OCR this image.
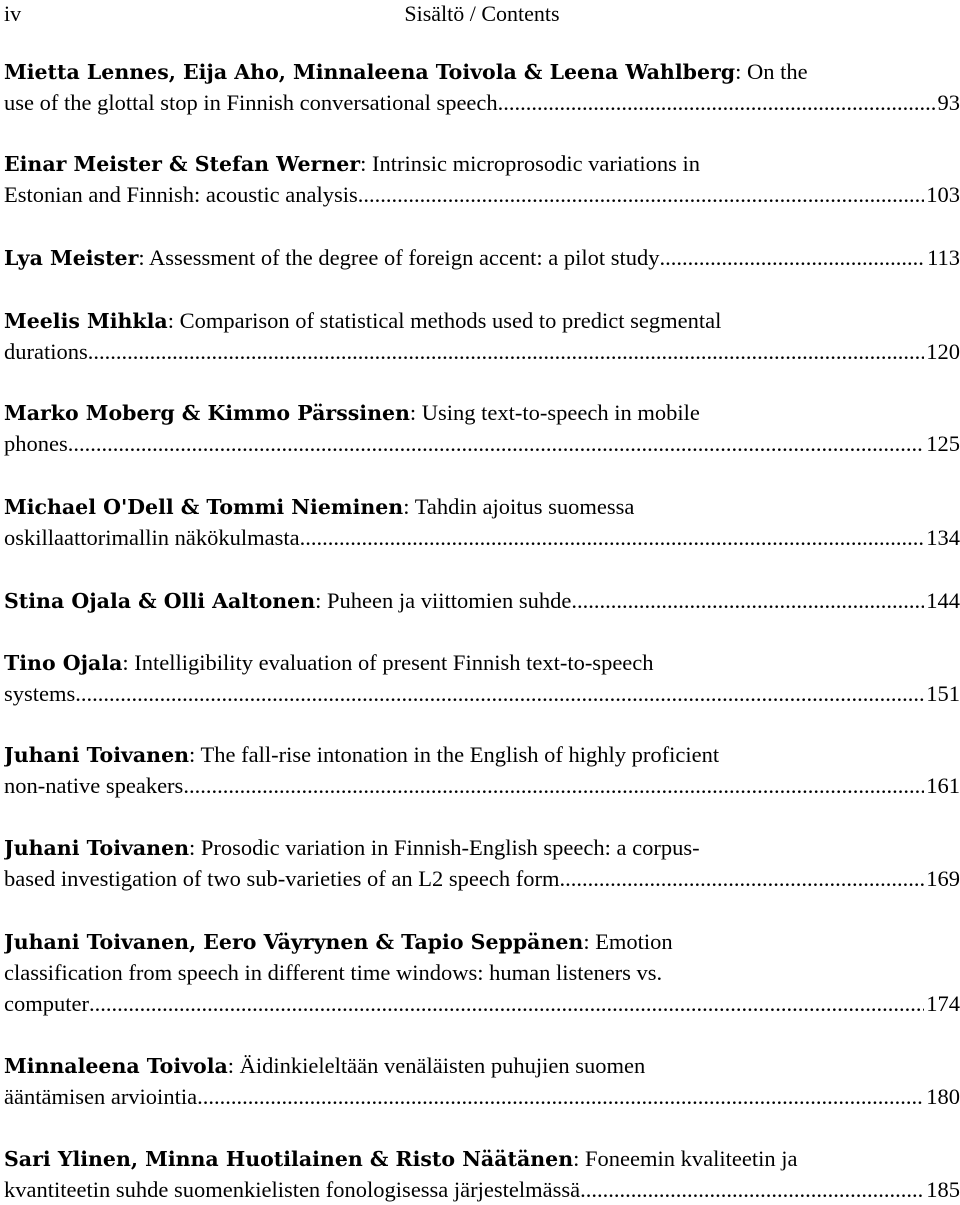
iv	Sisältö / Contents
Mietta Lennes, Eija Aho, Minnaleena Toivola & Leena Wahlberg: On the
use of the glottal stop in Finnish conversational speech .....	93
Einar Meister & Stefan Werner: Intrinsic microprosodic variations in
Estonian and Finnish: acoustic analysis .....	103
Lya Meister : Assessment of the degree of foreign accent: a pilot study .....	113
Meelis Mihkla: Comparison of statistical methods used to predict segmental
durations .....	120
Marko Moberg & Kimmo Pärssinen: Using text-to-speech in mobile
phones .....	125
Michael O'Dell & Tommi Nieminen: Tahdin ajoitus suomessa
oskillaattorimallin näkökulmasta .....	134
Stina Ojala & Olli Aaltonen : Puheen ja viittomien suhde .....	144
Tino Ojala: Intelligibility evaluation of present Finnish text-to-speech
systems .....	151
Juhani Toivanen: The fall-rise intonation in the English of highly proficient
non-native speakers .....	161
Juhani Toivanen: Prosodic variation in Finnish-English speech: a corpus-
based investigation of two sub-varieties of an L2 speech form .....	169
Juhani Toivanen, Eero Väyrynen & Tapio Seppänen: Emotion
classification from speech in different time windows: human listeners vs.
computer .....	174
Minnaleena Toivola: Äidinkieleltään venäläisten puhujien suomen
ääntämisen arviointia .....	180
Sari Ylinen, Minna Huotilainen & Risto Näätänen: Foneemin kvaliteetin ja
kvantiteetin suhde suomenkielisten fonologisessa järjestelmässä .....	185
